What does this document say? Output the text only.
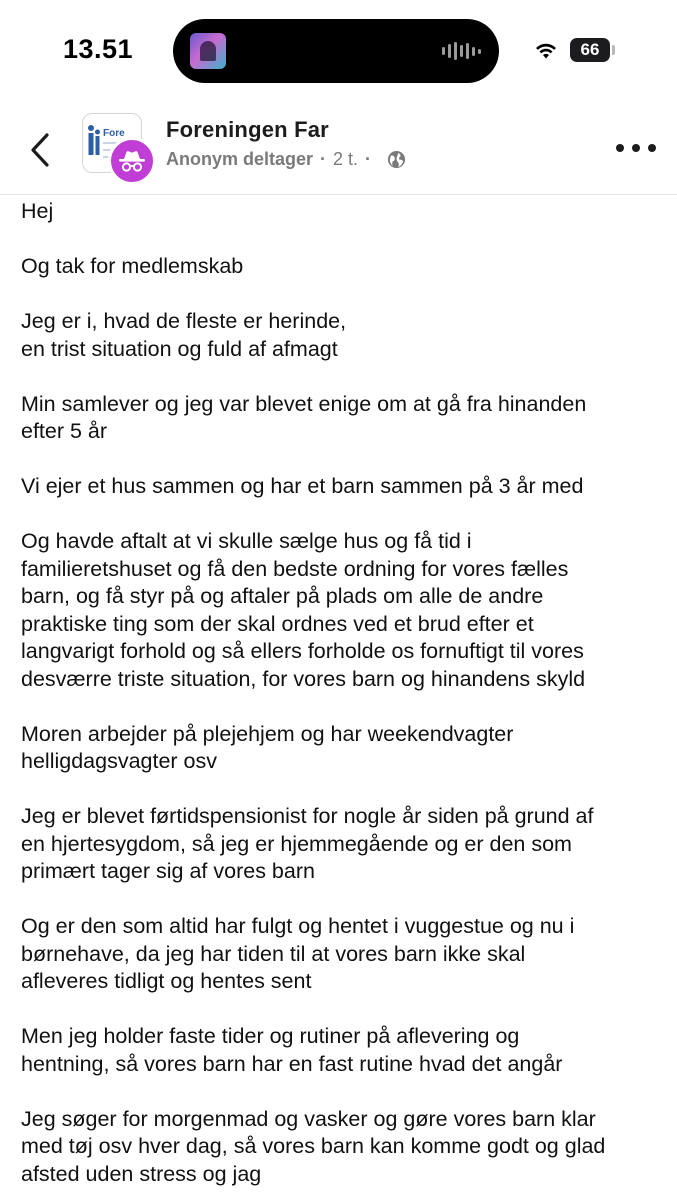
13.51	66
Fore Foreningen Far
Anonym deltager · 2 t. ·

Hej

Og tak for medlemskab

Jeg er i, hvad de fleste er herinde,
en trist situation og fuld af afmagt

Min samlever og jeg var blevet enige om at gå fra hinanden
efter 5 år

Vi ejer et hus sammen og har et barn sammen på 3 år med

Og havde aftalt at vi skulle sælge hus og få tid i
familieretshuset og få den bedste ordning for vores fælles
barn, og få styr på og aftaler på plads om alle de andre
praktiske ting som der skal ordnes ved et brud efter et
langvarigt forhold og så ellers forholde os fornuftigt til vores
desværre triste situation, for vores barn og hinandens skyld

Moren arbejder på plejehjem og har weekendvagter
helligdagsvagter osv

Jeg er blevet førtidspensionist for nogle år siden på grund af
en hjertesygdom, så jeg er hjemmegående og er den som
primært tager sig af vores barn

Og er den som altid har fulgt og hentet i vuggestue og nu i
børnehave, da jeg har tiden til at vores barn ikke skal
afleveres tidligt og hentes sent

Men jeg holder faste tider og rutiner på aflevering og
hentning, så vores barn har en fast rutine hvad det angår

Jeg søger for morgenmad og vasker og gøre vores barn klar
med tøj osv hver dag, så vores barn kan komme godt og glad
afsted uden stress og jag
